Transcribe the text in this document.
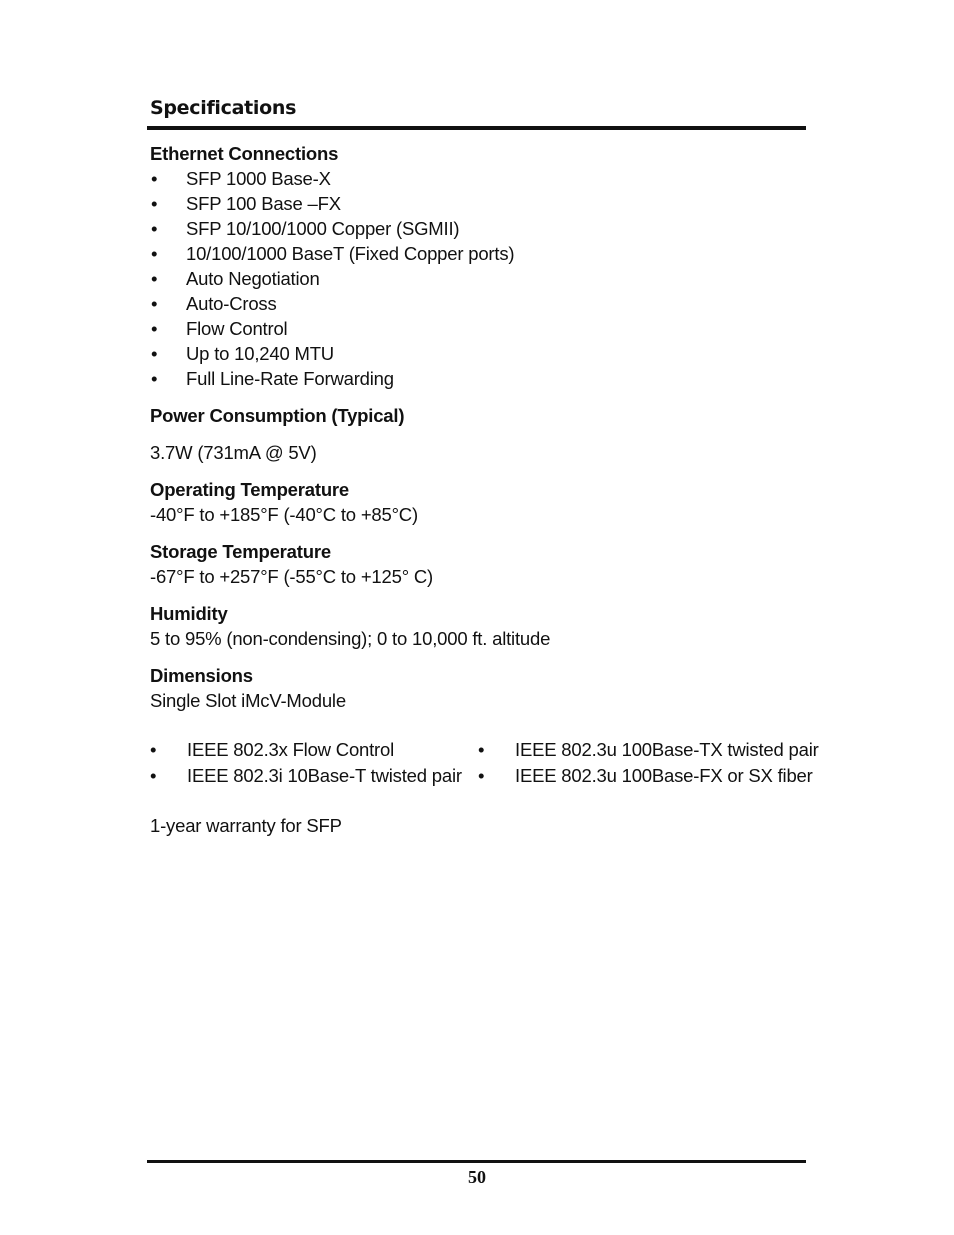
Specifications
Ethernet Connections
• SFP 1000 Base-X
• SFP 100 Base –FX
• SFP 10/100/1000 Copper (SGMII)
• 10/100/1000 BaseT (Fixed Copper ports)
• Auto Negotiation
• Auto-Cross
• Flow Control
• Up to 10,240 MTU
• Full Line-Rate Forwarding
Power Consumption (Typical)
3.7W (731mA @ 5V)
Operating Temperature
-40°F to +185°F (-40°C to +85°C)
Storage Temperature
-67°F to +257°F (-55°C to +125° C)
Humidity
5 to 95% (non-condensing); 0 to 10,000 ft. altitude
Dimensions
Single Slot iMcV-Module
• IEEE 802.3x Flow Control	• IEEE 802.3u 100Base-TX twisted pair
• IEEE 802.3i 10Base-T twisted pair • IEEE 802.3u 100Base-FX or SX fiber
1-year warranty for SFP
50
